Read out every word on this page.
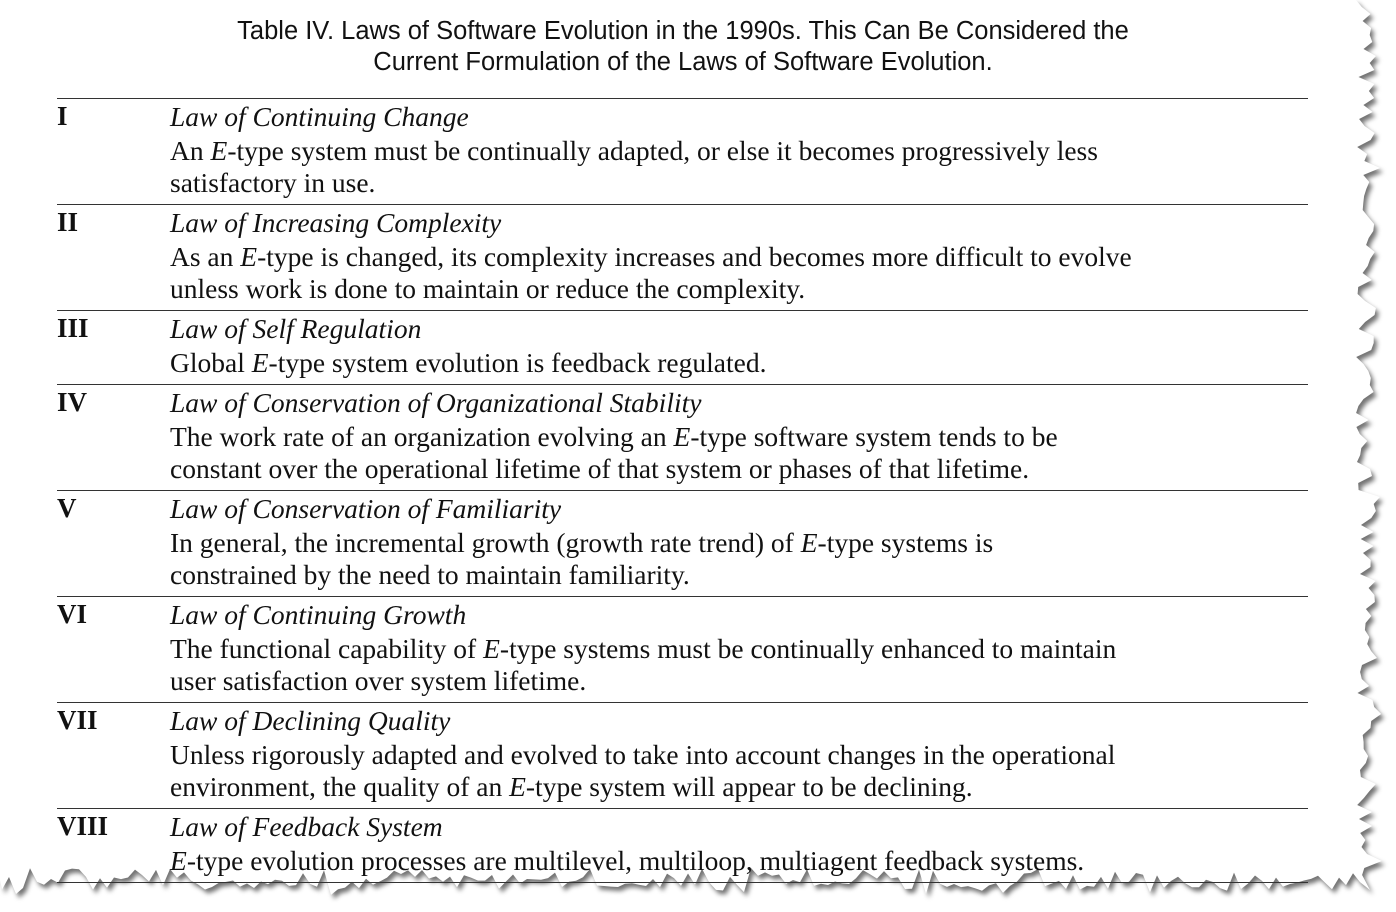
Table IV. Laws of Software Evolution in the 1990s. This Can Be Considered the
Current Formulation of the Laws of Software Evolution.
I	Law of Continuing Change
An E-type system must be continually adapted, or else it becomes progressively less
satisfactory in use.
II	Law of Increasing Complexity
As an E-type is changed, its complexity increases and becomes more difficult to evolve
unless work is done to maintain or reduce the complexity.
III	Law of Self Regulation
Global E-type system evolution is feedback regulated.
IV	Law of Conservation of Organizational Stability
The work rate of an organization evolving an E-type software system tends to be
constant over the operational lifetime of that system or phases of that lifetime.
V	Law of Conservation of Familiarity
In general, the incremental growth (growth rate trend) of E-type systems is
constrained by the need to maintain familiarity.
VI	Law of Continuing Growth
The functional capability of E-type systems must be continually enhanced to maintain
user satisfaction over system lifetime.
VII	Law of Declining Quality
Unless rigorously adapted and evolved to take into account changes in the operational
environment, the quality of an E-type system will appear to be declining.
VIII Law of Feedback System
E-type evolution processes are multilevel, multiloop, multiagent feedback systems.
